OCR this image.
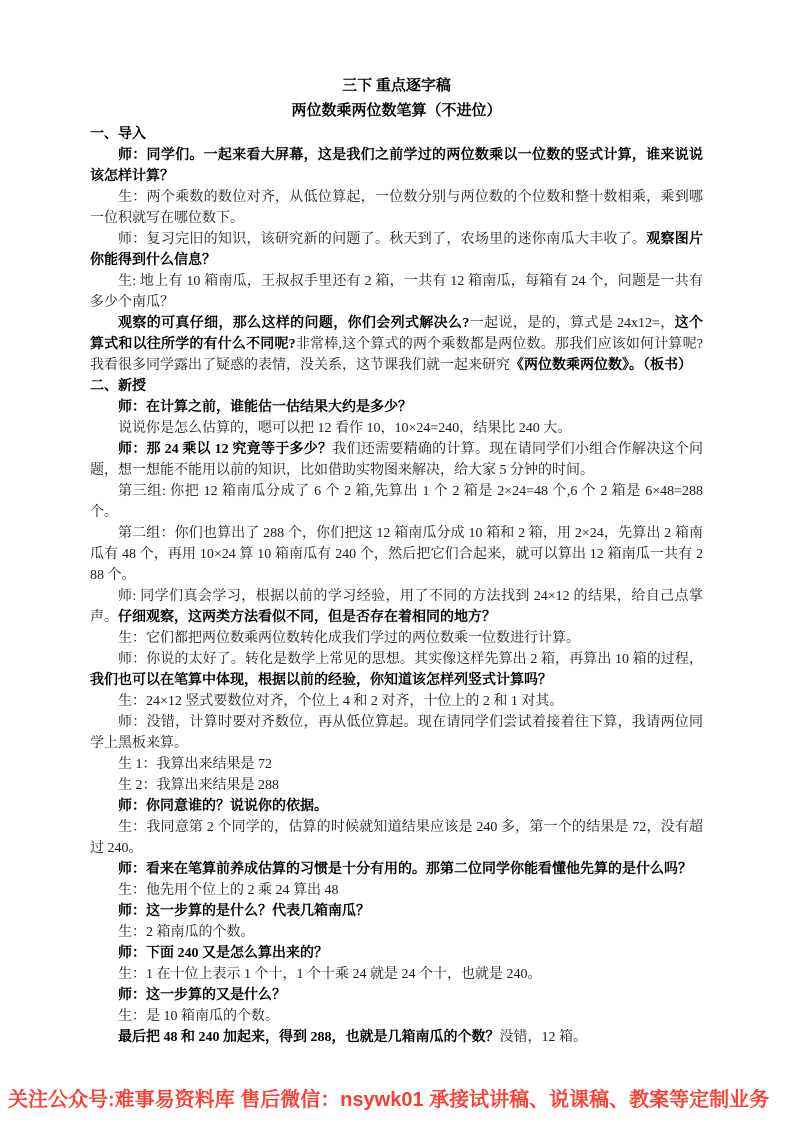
三下 重点逐字稿

两位数乘两位数笔算（不进位）

一、导入

师：同学们。一起来看大屏幕，这是我们之前学过的两位数乘以一位数的竖式计算，谁来说说该怎样计算？

生：两个乘数的数位对齐，从低位算起，一位数分别与两位数的个位数和整十数相乘，乘到哪一位积就写在哪位数下。

师：复习完旧的知识，该研究新的问题了。秋天到了，农场里的迷你南瓜大丰收了。观察图片你能得到什么信息？

生: 地上有 10 箱南瓜，王叔叔手里还有 2 箱，一共有 12 箱南瓜，每箱有 24 个，问题是一共有多少个南瓜？

观察的可真仔细，那么这样的问题，你们会列式解决么?一起说，是的，算式是 24x12=，这个算式和以往所学的有什么不同呢?非常棒,这个算式的两个乘数都是两位数。那我们应该如何计算呢?我看很多同学露出了疑惑的表情，没关系，这节课我们就一起来研究《两位数乘两位数》。（板书）

二、新授

师：在计算之前，谁能估一估结果大约是多少？

说说你是怎么估算的，嗯可以把 12 看作 10，10×24=240，结果比 240 大。

师：那 24 乘以 12 究竟等于多少？我们还需要精确的计算。现在请同学们小组合作解决这个问题，想一想能不能用以前的知识，比如借助实物图来解决，给大家 5 分钟的时间。

第三组: 你把 12 箱南瓜分成了 6 个 2 箱,先算出 1 个 2 箱是 2×24=48 个,6 个 2 箱是 6×48=288 个。

第二组：你们也算出了 288 个，你们把这 12 箱南瓜分成 10 箱和 2 箱，用 2×24，先算出 2 箱南瓜有 48 个，再用 10×24 算 10 箱南瓜有 240 个，然后把它们合起来，就可以算出 12 箱南瓜一共有 288 个。

师: 同学们真会学习，根据以前的学习经验，用了不同的方法找到 24×12 的结果，给自己点掌声。仔细观察，这两类方法看似不同，但是否存在着相同的地方？

生：它们都把两位数乘两位数转化成我们学过的两位数乘一位数进行计算。

师：你说的太好了。转化是数学上常见的思想。其实像这样先算出 2 箱，再算出 10 箱的过程，我们也可以在笔算中体现，根据以前的经验，你知道该怎样列竖式计算吗？

生：24×12 竖式要数位对齐，个位上 4 和 2 对齐，十位上的 2 和 1 对其。

师：没错，计算时要对齐数位，再从低位算起。现在请同学们尝试着接着往下算，我请两位同学上黑板来算。

生 1：我算出来结果是 72

生 2：我算出来结果是 288

师：你同意谁的？说说你的依据。

生：我同意第 2 个同学的，估算的时候就知道结果应该是 240 多，第一个的结果是 72，没有超过 240。

师：看来在笔算前养成估算的习惯是十分有用的。那第二位同学你能看懂他先算的是什么吗？

生：他先用个位上的 2 乘 24 算出 48

师：这一步算的是什么？代表几箱南瓜？

生：2 箱南瓜的个数。

师：下面 240 又是怎么算出来的？

生：1 在十位上表示 1 个十，1 个十乘 24 就是 24 个十，也就是 240。

师：这一步算的又是什么？

生：是 10 箱南瓜的个数。

最后把 48 和 240 加起来，得到 288，也就是几箱南瓜的个数？没错，12 箱。

关注公众号:难事易资料库 售后微信：nsywk01 承接试讲稿、说课稿、教案等定制业务
